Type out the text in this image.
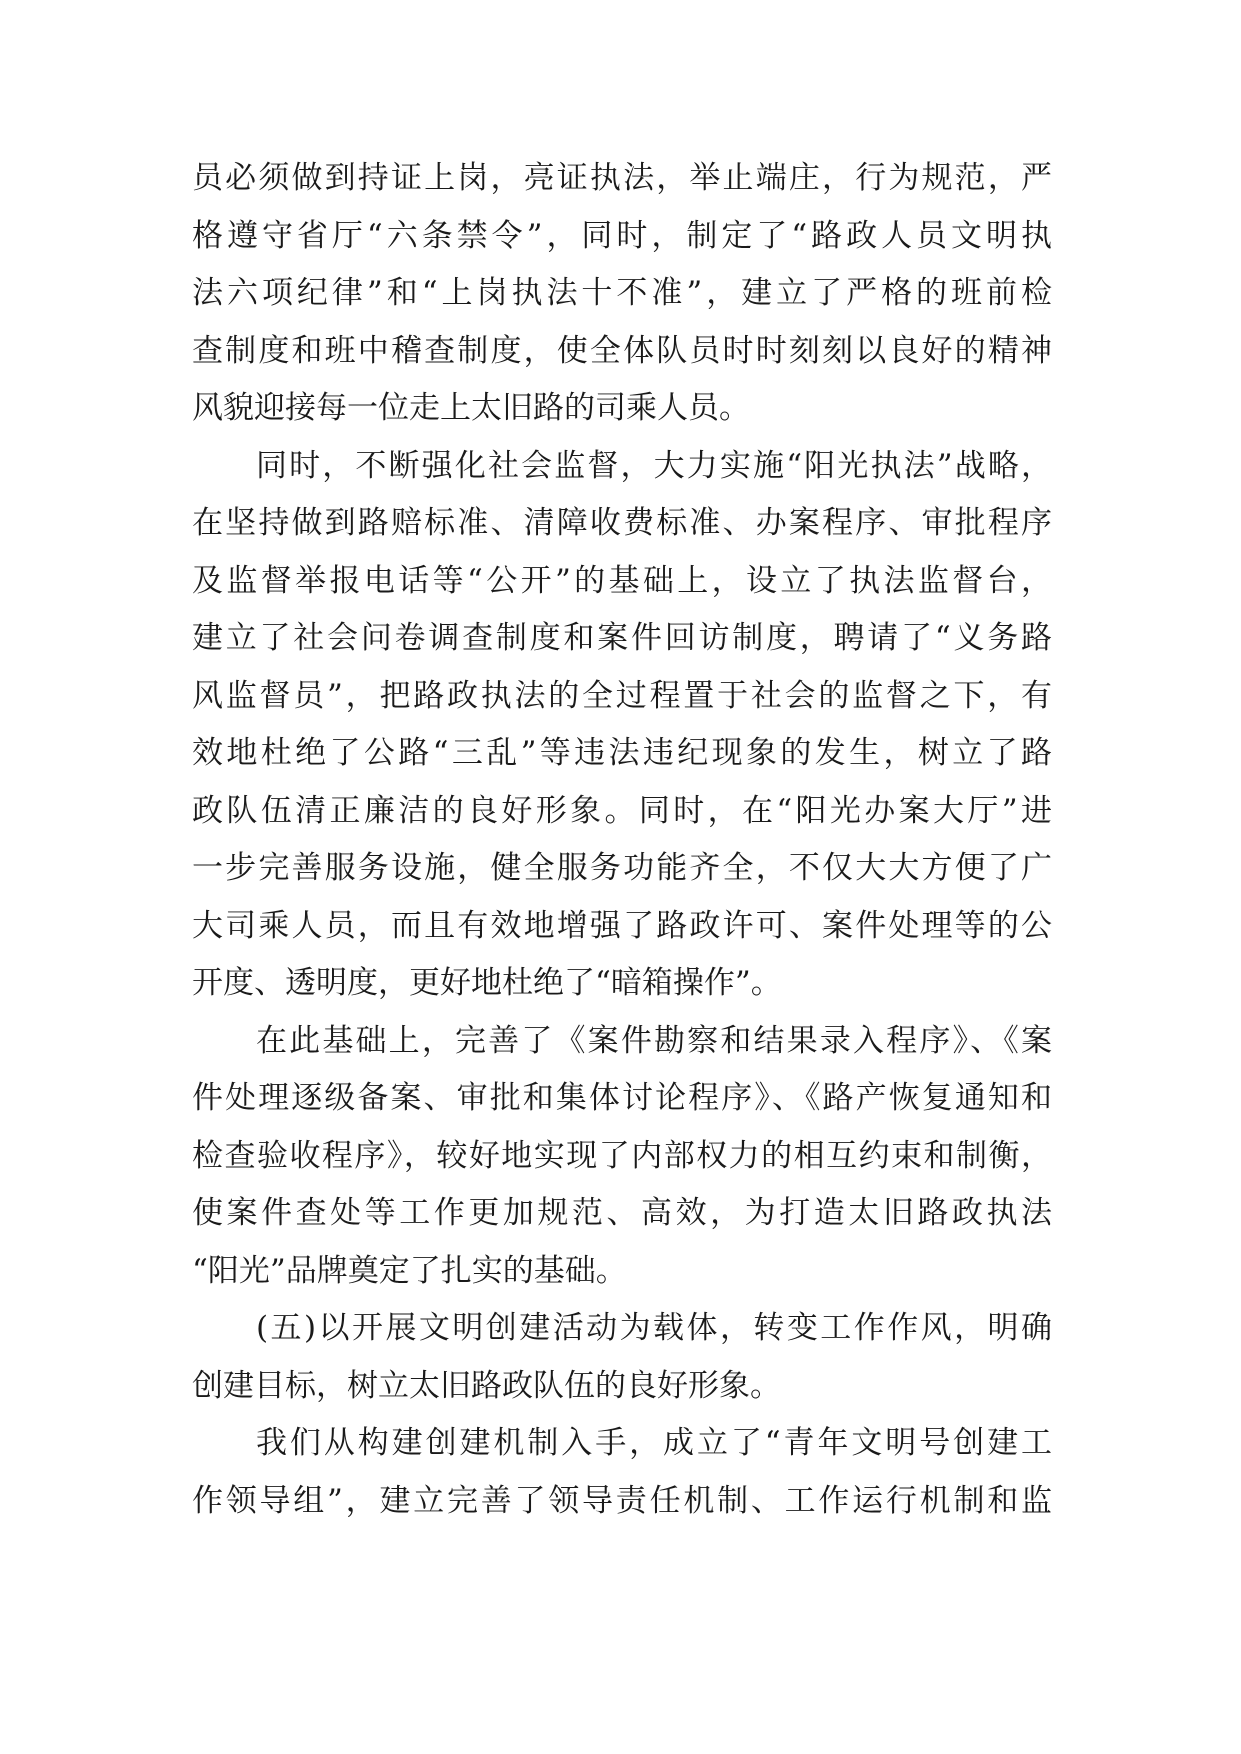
员必须做到持证上岗，亮证执法，举止端庄，行为规范，严
格遵守省厅“六条禁令”，同时，制定了“路政人员文明执
法六项纪律”和“上岗执法十不准”，建立了严格的班前检
查制度和班中稽查制度，使全体队员时时刻刻以良好的精神
风貌迎接每一位走上太旧路的司乘人员。
同时，不断强化社会监督，大力实施“阳光执法”战略，
在坚持做到路赔标准、清障收费标准、办案程序、审批程序
及监督举报电话等“公开”的基础上，设立了执法监督台，
建立了社会问卷调查制度和案件回访制度，聘请了“义务路
风监督员”，把路政执法的全过程置于社会的监督之下，有
效地杜绝了公路“三乱”等违法违纪现象的发生，树立了路
政队伍清正廉洁的良好形象。同时，在“阳光办案大厅”进
一步完善服务设施，健全服务功能齐全，不仅大大方便了广
大司乘人员，而且有效地增强了路政许可、案件处理等的公
开度、透明度，更好地杜绝了“暗箱操作”。
在此基础上，完善了《案件勘察和结果录入程序》、《案
件处理逐级备案、审批和集体讨论程序》、《路产恢复通知和
检查验收程序》，较好地实现了内部权力的相互约束和制衡，
使案件查处等工作更加规范、高效，为打造太旧路政执法
“阳光”品牌奠定了扎实的基础。
(五)以开展文明创建活动为载体，转变工作作风，明确
创建目标，树立太旧路政队伍的良好形象。
我们从构建创建机制入手，成立了“青年文明号创建工
作领导组”，建立完善了领导责任机制、工作运行机制和监
